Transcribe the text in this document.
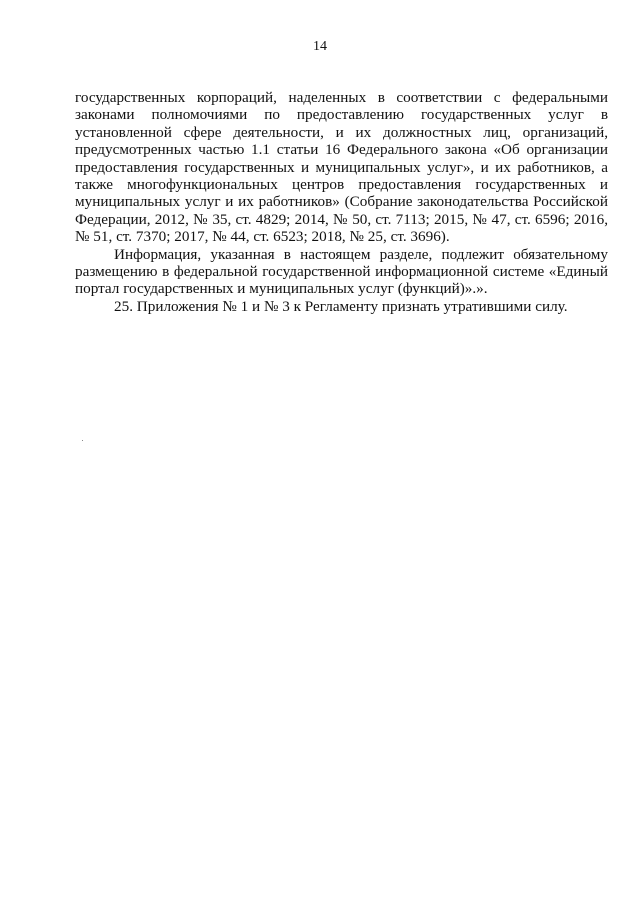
14

государственных корпораций, наделенных в соответствии с федеральными
законами полномочиями по предоставлению государственных услуг в
установленной сфере деятельности, и их должностных лиц, организаций,
предусмотренных частью 1.1 статьи 16 Федерального закона «Об организации
предоставления государственных и муниципальных услуг», и их работников, а
также многофункциональных центров предоставления государственных и
муниципальных услуг и их работников» (Собрание законодательства Российской
Федерации, 2012, № 35, ст. 4829; 2014, № 50, ст. 7113; 2015, № 47, ст. 6596; 2016,
№ 51, ст. 7370; 2017, № 44, ст. 6523; 2018, № 25, ст. 3696).

Информация, указанная в настоящем разделе, подлежит обязательному
размещению в федеральной государственной информационной системе «Единый
портал государственных и муниципальных услуг (функций)».».

25. Приложения № 1 и № 3 к Регламенту признать утратившими силу.
